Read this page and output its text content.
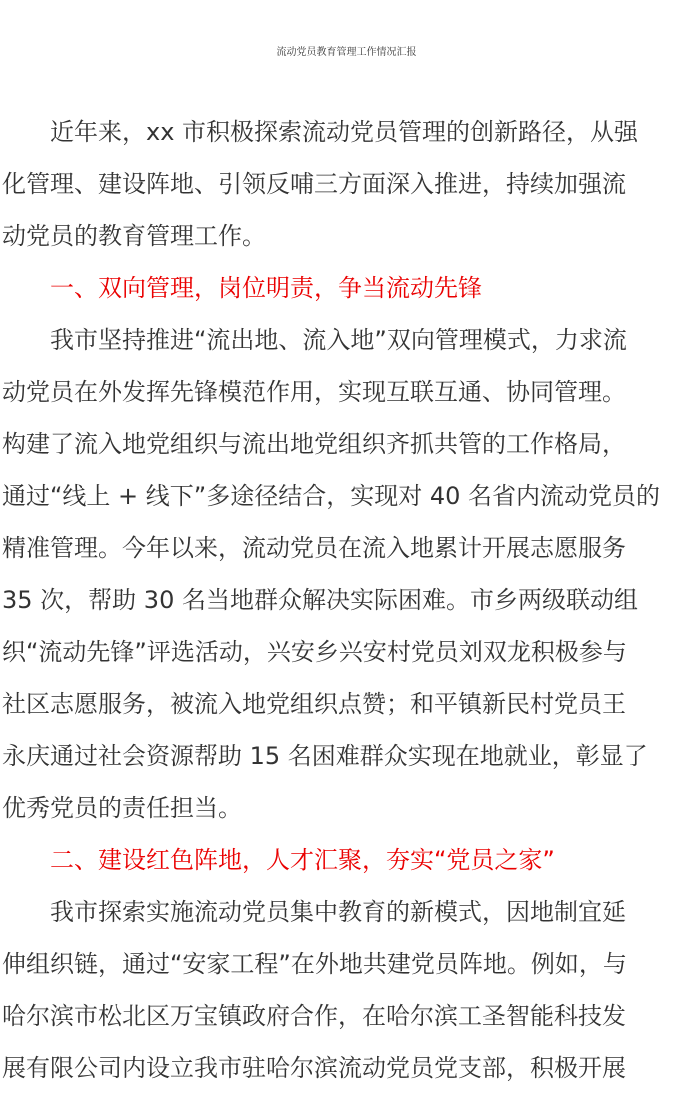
流动党员教育管理工作情况汇报
　　近年来，xx 市积极探索流动党员管理的创新路径，从强
化管理、建设阵地、引领反哺三方面深入推进，持续加强流
动党员的教育管理工作。
　　一、双向管理，岗位明责，争当流动先锋
　　我市坚持推进“流出地、流入地”双向管理模式，力求流
动党员在外发挥先锋模范作用，实现互联互通、协同管理。
构建了流入地党组织与流出地党组织齐抓共管的工作格局，
通过“线上 + 线下”多途径结合，实现对 40 名省内流动党员的
精准管理。今年以来，流动党员在流入地累计开展志愿服务
35 次，帮助 30 名当地群众解决实际困难。市乡两级联动组
织“流动先锋”评选活动，兴安乡兴安村党员刘双龙积极参与
社区志愿服务，被流入地党组织点赞；和平镇新民村党员王
永庆通过社会资源帮助 15 名困难群众实现在地就业，彰显了
优秀党员的责任担当。
　　二、建设红色阵地，人才汇聚，夯实“党员之家”
　　我市探索实施流动党员集中教育的新模式，因地制宜延
伸组织链，通过“安家工程”在外地共建党员阵地。例如，与
哈尔滨市松北区万宝镇政府合作，在哈尔滨工圣智能科技发
展有限公司内设立我市驻哈尔滨流动党员党支部，积极开展
